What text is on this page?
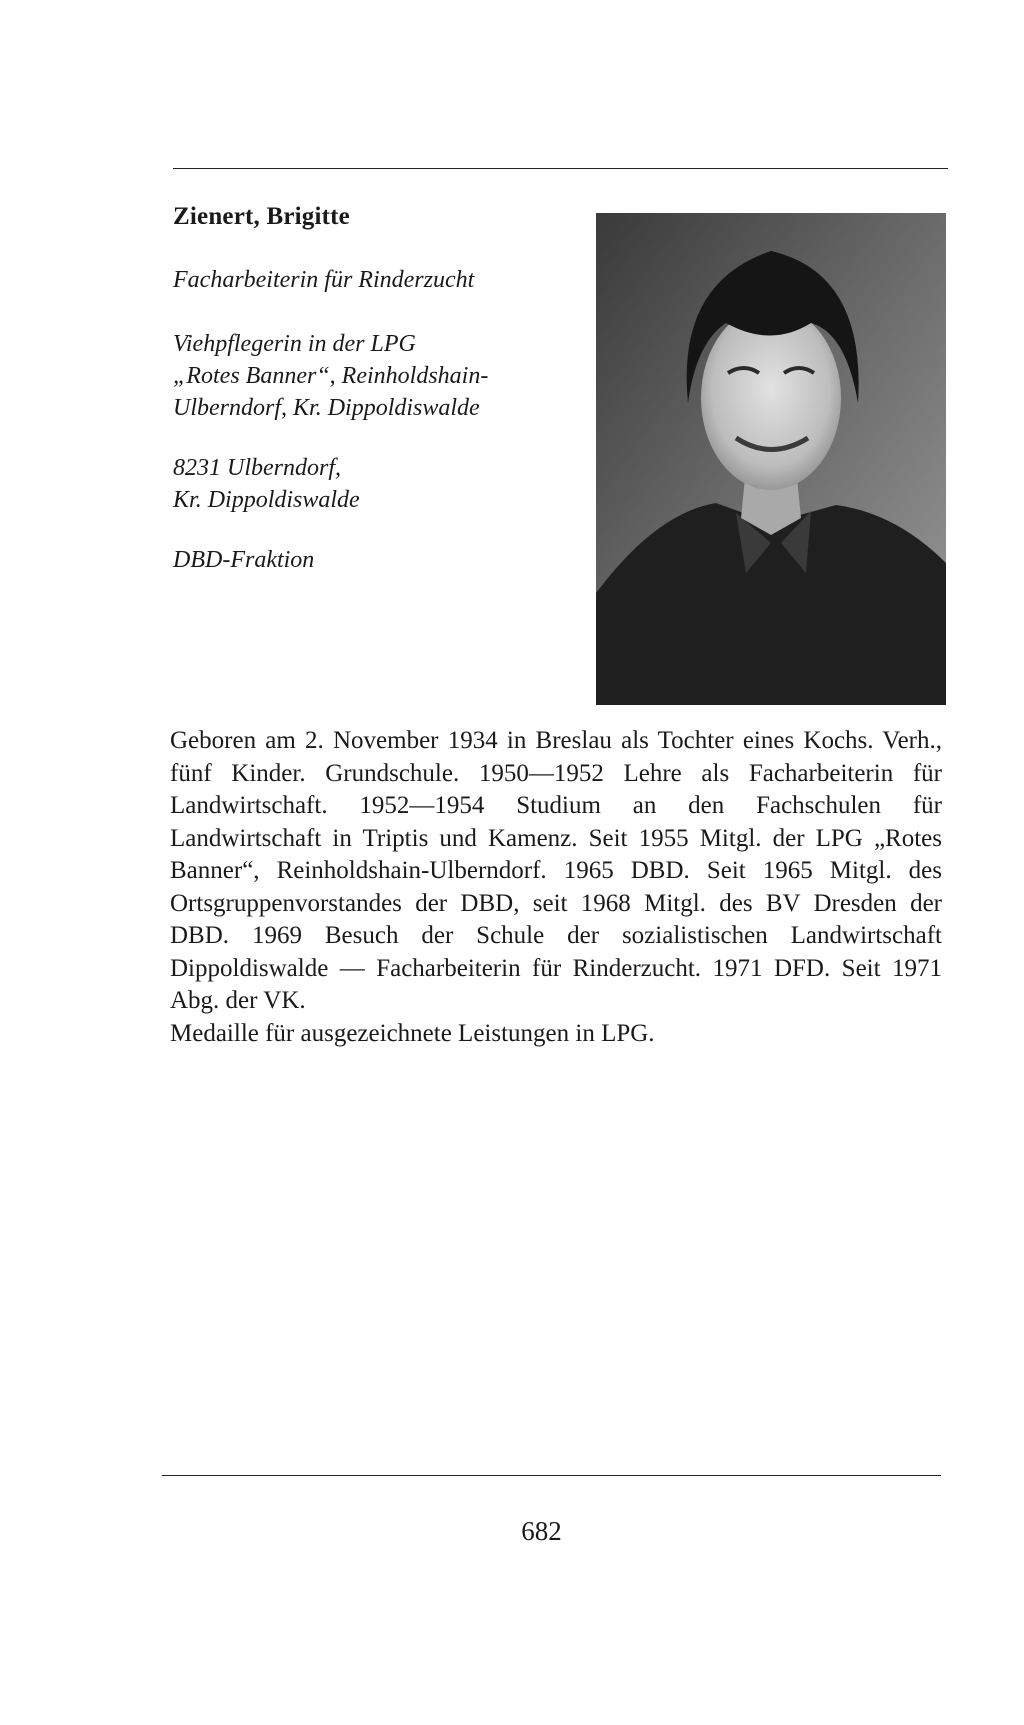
Zienert, Brigitte
Facharbeiterin für Rinderzucht
Viehpflegerin in der LPG
„Rotes Banner“, Reinholdshain-
Ulberndorf, Kr. Dippoldiswalde
8231 Ulberndorf,
Kr. Dippoldiswalde
DBD-Fraktion

Geboren am 2. November 1934 in Breslau als Tochter eines Kochs. Verh., fünf Kinder. Grundschule. 1950—1952 Lehre als Facharbeiterin für Landwirtschaft. 1952—1954 Studium an den Fachschulen für Landwirtschaft in Triptis und Kamenz. Seit 1955 Mitgl. der LPG „Rotes Banner“, Reinholdshain-Ulberndorf. 1965 DBD. Seit 1965 Mitgl. des Ortsgruppenvorstandes der DBD, seit 1968 Mitgl. des BV Dresden der DBD. 1969 Besuch der Schule der sozialistischen Landwirtschaft Dippoldiswalde — Facharbeiterin für Rinderzucht. 1971 DFD. Seit 1971 Abg. der VK.

Medaille für ausgezeichnete Leistungen in LPG.

682
